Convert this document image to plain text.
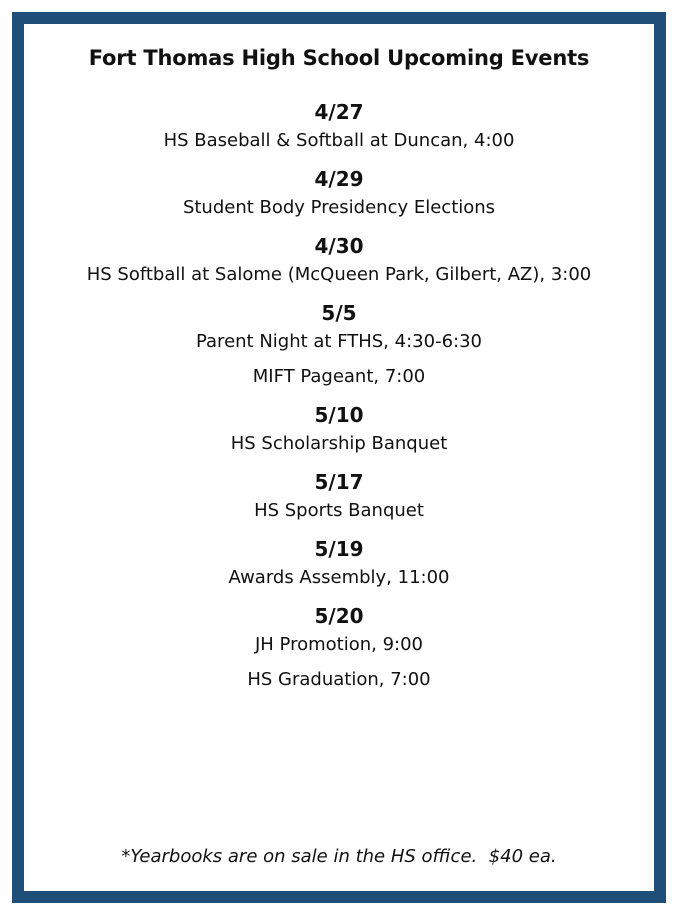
Fort Thomas High School Upcoming Events
4/27
HS Baseball & Softball at Duncan, 4:00
4/29
Student Body Presidency Elections
4/30
HS Softball at Salome (McQueen Park, Gilbert, AZ), 3:00
5/5
Parent Night at FTHS, 4:30-6:30
MIFT Pageant, 7:00
5/10
HS Scholarship Banquet
5/17
HS Sports Banquet
5/19
Awards Assembly, 11:00
5/20
JH Promotion, 9:00
HS Graduation, 7:00
*Yearbooks are on sale in the HS office.  $40 ea.
